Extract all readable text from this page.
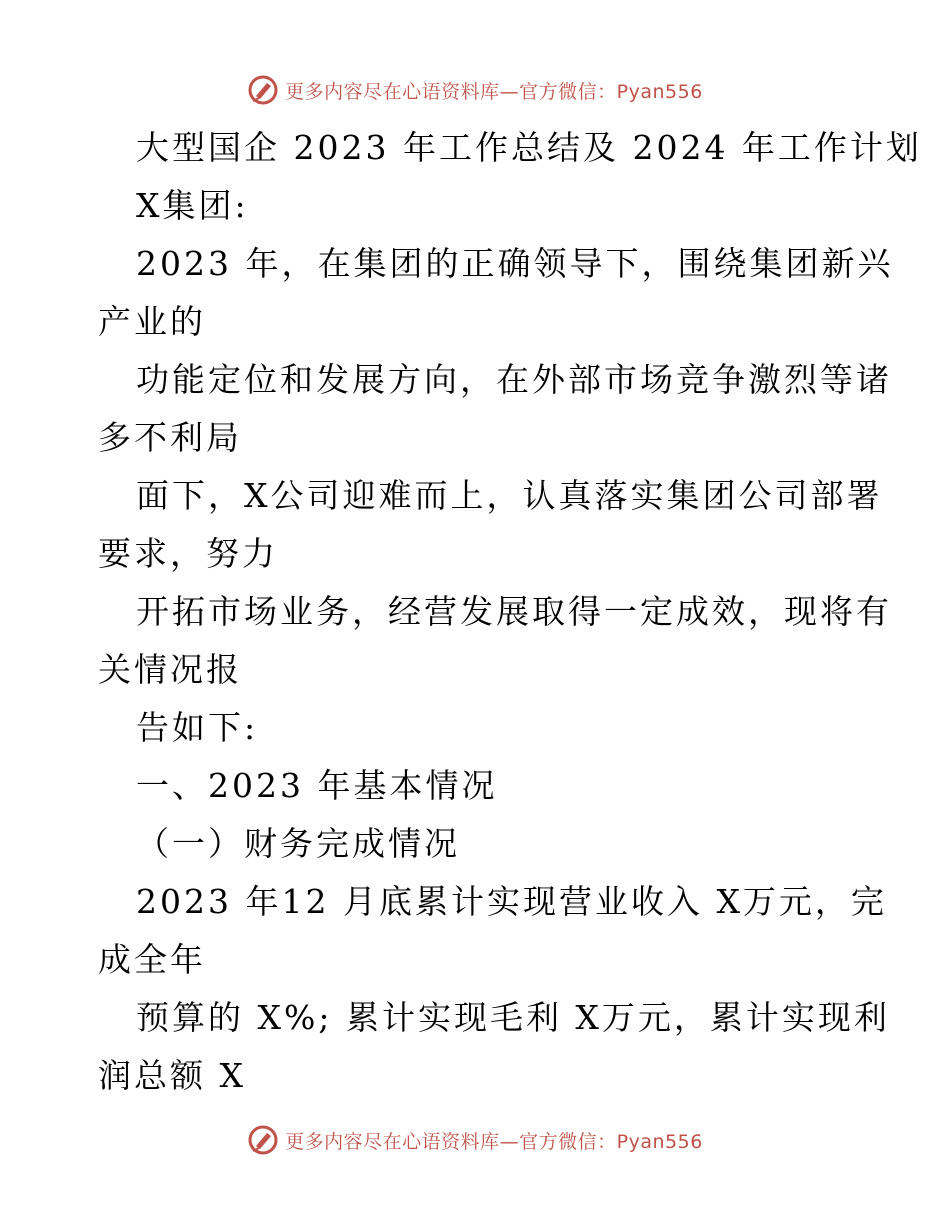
更多内容尽在心语资料库—官方微信：Pyan556
大型国企 2023 年工作总结及 2024 年工作计划
X集团:
2023 年，在集团的正确领导下，围绕集团新兴
产业的
功能定位和发展方向，在外部市场竞争激烈等诸
多不利局
面下，X公司迎难而上，认真落实集团公司部署
要求，努力
开拓市场业务，经营发展取得一定成效，现将有
关情况报
告如下:
一、2023 年基本情况
（一）财务完成情况
2023 年12 月底累计实现营业收入 X万元，完
成全年
预算的 X%; 累计实现毛利 X万元，累计实现利
润总额 X
更多内容尽在心语资料库—官方微信：Pyan556
